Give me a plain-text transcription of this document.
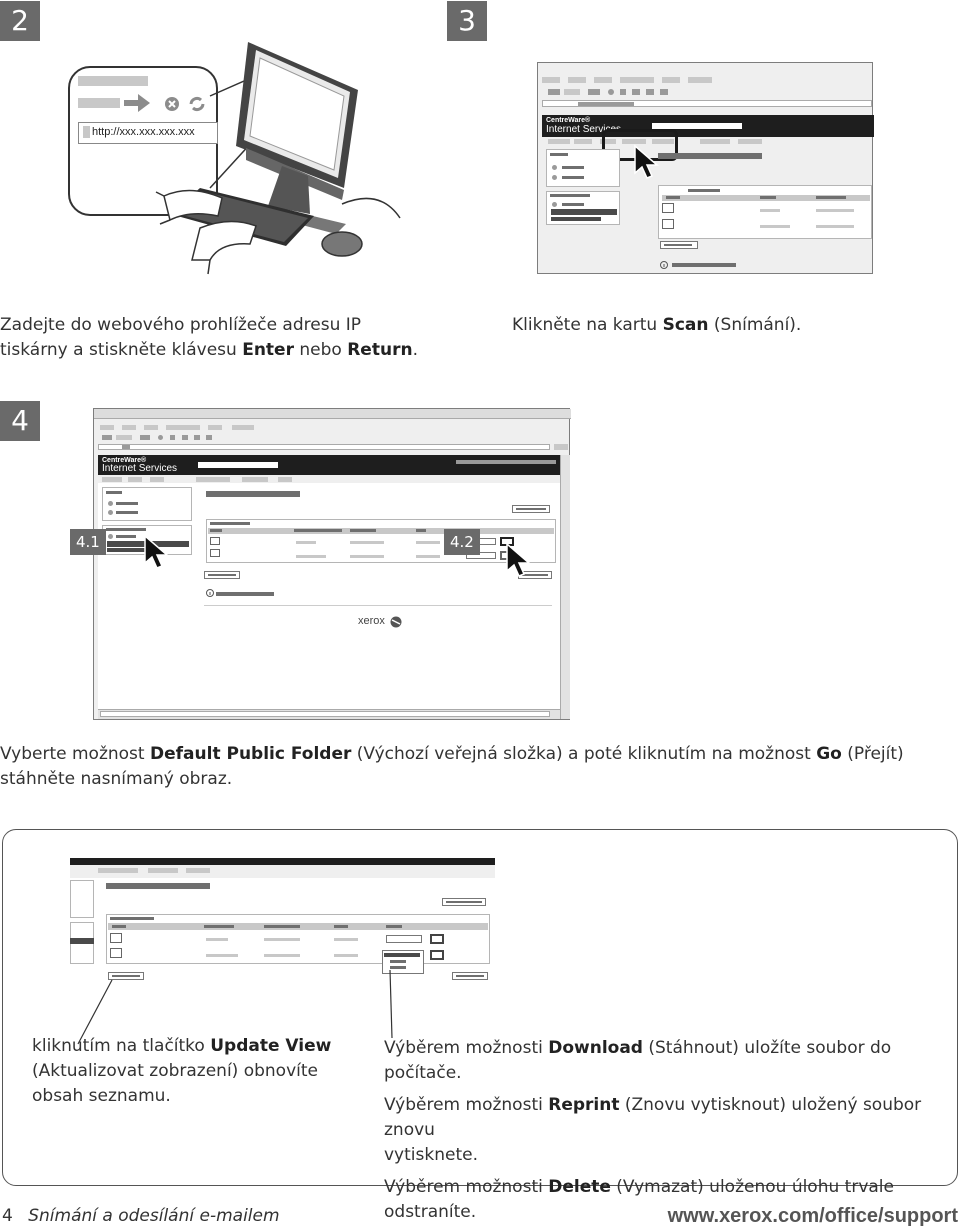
2
http://xxx.xxx.xxx.xxx
Zadejte do webového prohlížeče adresu IP
tiskárny a stiskněte klávesu Enter nebo Return.
3
CentreWare®
Internet Services
Klikněte na kartu Scan (Snímání).
4
CentreWare®
Internet Services
xerox
4.1	4.2
Vyberte možnost Default Public Folder (Výchozí veřejná složka) a poté kliknutím na možnost Go (Přejít)
stáhněte nasnímaný obraz.
kliknutím na tlačítko Update View
(Aktualizovat zobrazení) obnovíte
obsah seznamu.
Výběrem možnosti Download (Stáhnout) uložíte soubor do počítače.
Výběrem možnosti Reprint (Znovu vytisknout) uložený soubor znovu
vytisknete.
Výběrem možnosti Delete (Vymazat) uloženou úlohu trvale
odstraníte.
4 Snímání a odesílání e-mailem	www.xerox.com/office/support
